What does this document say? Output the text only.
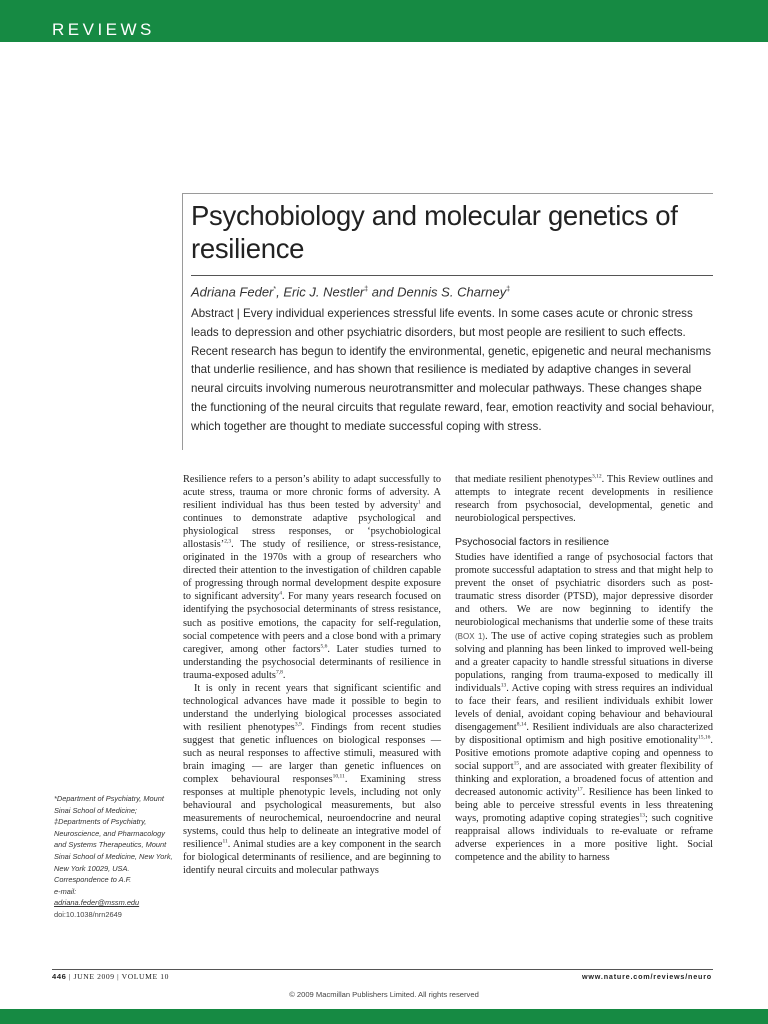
REVIEWS
Psychobiology and molecular genetics of resilience
Adriana Feder*, Eric J. Nestler‡ and Dennis S. Charney‡
Abstract | Every individual experiences stressful life events. In some cases acute or chronic stress leads to depression and other psychiatric disorders, but most people are resilient to such effects. Recent research has begun to identify the environmental, genetic, epigenetic and neural mechanisms that underlie resilience, and has shown that resilience is mediated by adaptive changes in several neural circuits involving numerous neurotransmitter and molecular pathways. These changes shape the functioning of the neural circuits that regulate reward, fear, emotion reactivity and social behaviour, which together are thought to mediate successful coping with stress.

Resilience refers to a person’s ability to adapt successfully to acute stress, trauma or more chronic forms of adversity. A resilient individual has thus been tested by adversity$^1$ and continues to demonstrate adaptive psychological and physiological stress responses, or ‘psychobiological allostasis’$^{2,3}$. The study of resilience, or stress-resistance, originated in the 1970s with a group of researchers who directed their attention to the investigation of children capable of progressing through normal development despite exposure to significant adversity$^4$. For many years research focused on identifying the psychosocial determinants of stress resistance, such as positive emotions, the capacity for self-regulation, social competence with peers and a close bond with a primary caregiver, among other factors$^{5,6}$. Later studies turned to understanding the psychosocial determinants of resilience in trauma-exposed adults$^{7,8}$.

It is only in recent years that significant scientific and technological advances have made it possible to begin to understand the underlying biological processes associated with resilient phenotypes$^{3,9}$. Findings from recent studies suggest that genetic influences on biological responses — such as neural responses to affective stimuli, measured with brain imaging — are larger than genetic influences on complex behavioural responses$^{10,11}$. Examining stress responses at multiple phenotypic levels, including not only behavioural and psychological measurements, but also measurements of neurochemical, neuroendocrine and neural systems, could thus help to delineate an integrative model of resilience$^{11}$. Animal studies are a key component in the search for biological determinants of resilience, and are beginning to identify neural circuits and molecular pathways

that mediate resilient phenotypes$^{3,12}$. This Review outlines and attempts to integrate recent developments in resilience research from psychosocial, developmental, genetic and neurobiological perspectives.

Psychosocial factors in resilience

Studies have identified a range of psychosocial factors that promote successful adaptation to stress and that might help to prevent the onset of psychiatric disorders such as post-traumatic stress disorder (PTSD), major depressive disorder and others. We are now beginning to identify the neurobiological mechanisms that underlie some of these traits (BOX 1). The use of active coping strategies such as problem solving and planning has been linked to improved well-being and a greater capacity to handle stressful situations in diverse populations, ranging from trauma-exposed to medically ill individuals$^{13}$. Active coping with stress requires an individual to face their fears, and resilient individuals exhibit lower levels of denial, avoidant coping behaviour and behavioural disengagement$^{8,14}$. Resilient individuals are also characterized by dispositional optimism and high positive emotionality$^{15,16}$. Positive emotions promote adaptive coping and openness to social support$^{15}$, and are associated with greater flexibility of thinking and exploration, a broadened focus of attention and decreased autonomic activity$^{17}$. Resilience has been linked to being able to perceive stressful events in less threatening ways, promoting adaptive coping strategies$^{13}$; such cognitive reappraisal allows individuals to re-evaluate or reframe adverse experiences in a more positive light. Social competence and the ability to harness

*Department of Psychiatry, Mount Sinai School of Medicine;

‡Departments of Psychiatry, Neuroscience, and Pharmacology and Systems Therapeutics, Mount Sinai School of Medicine, New York, New York 10029, USA.

Correspondence to A.F.

e-mail:

adriana.feder@mssm.edu

doi:10.1038/nrn2649

446 | JUNE 2009 | VOLUME 10	www.nature.com/reviews/neuro
© 2009 Macmillan Publishers Limited. All rights reserved
